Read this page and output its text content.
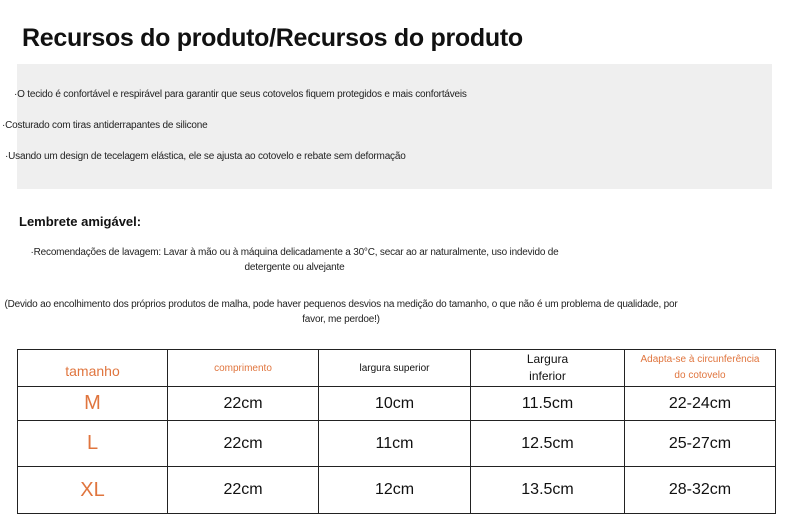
Recursos do produto/Recursos do produto
·O tecido é confortável e respirável para garantir que seus cotovelos fiquem protegidos e mais confortáveis
·Costurado com tiras antiderrapantes de silicone
·Usando um design de tecelagem elástica, ele se ajusta ao cotovelo e rebate sem deformação
Lembrete amigável:
·Recomendações de lavagem: Lavar à mão ou à máquina delicadamente a 30°C, secar ao ar naturalmente, uso indevido de detergente ou alvejante
(Devido ao encolhimento dos próprios produtos de malha, pode haver pequenos desvios na medição do tamanho, o que não é um problema de qualidade, por favor, me perdoe!)
tamanho	comprimento	largura superior	Largura inferior	Adapta-se à circunferência do cotovelo

M	22cm	10cm	11.5cm	22-24cm
L	22cm	11cm	12.5cm	25-27cm
XL	22cm	12cm	13.5cm	28-32cm
